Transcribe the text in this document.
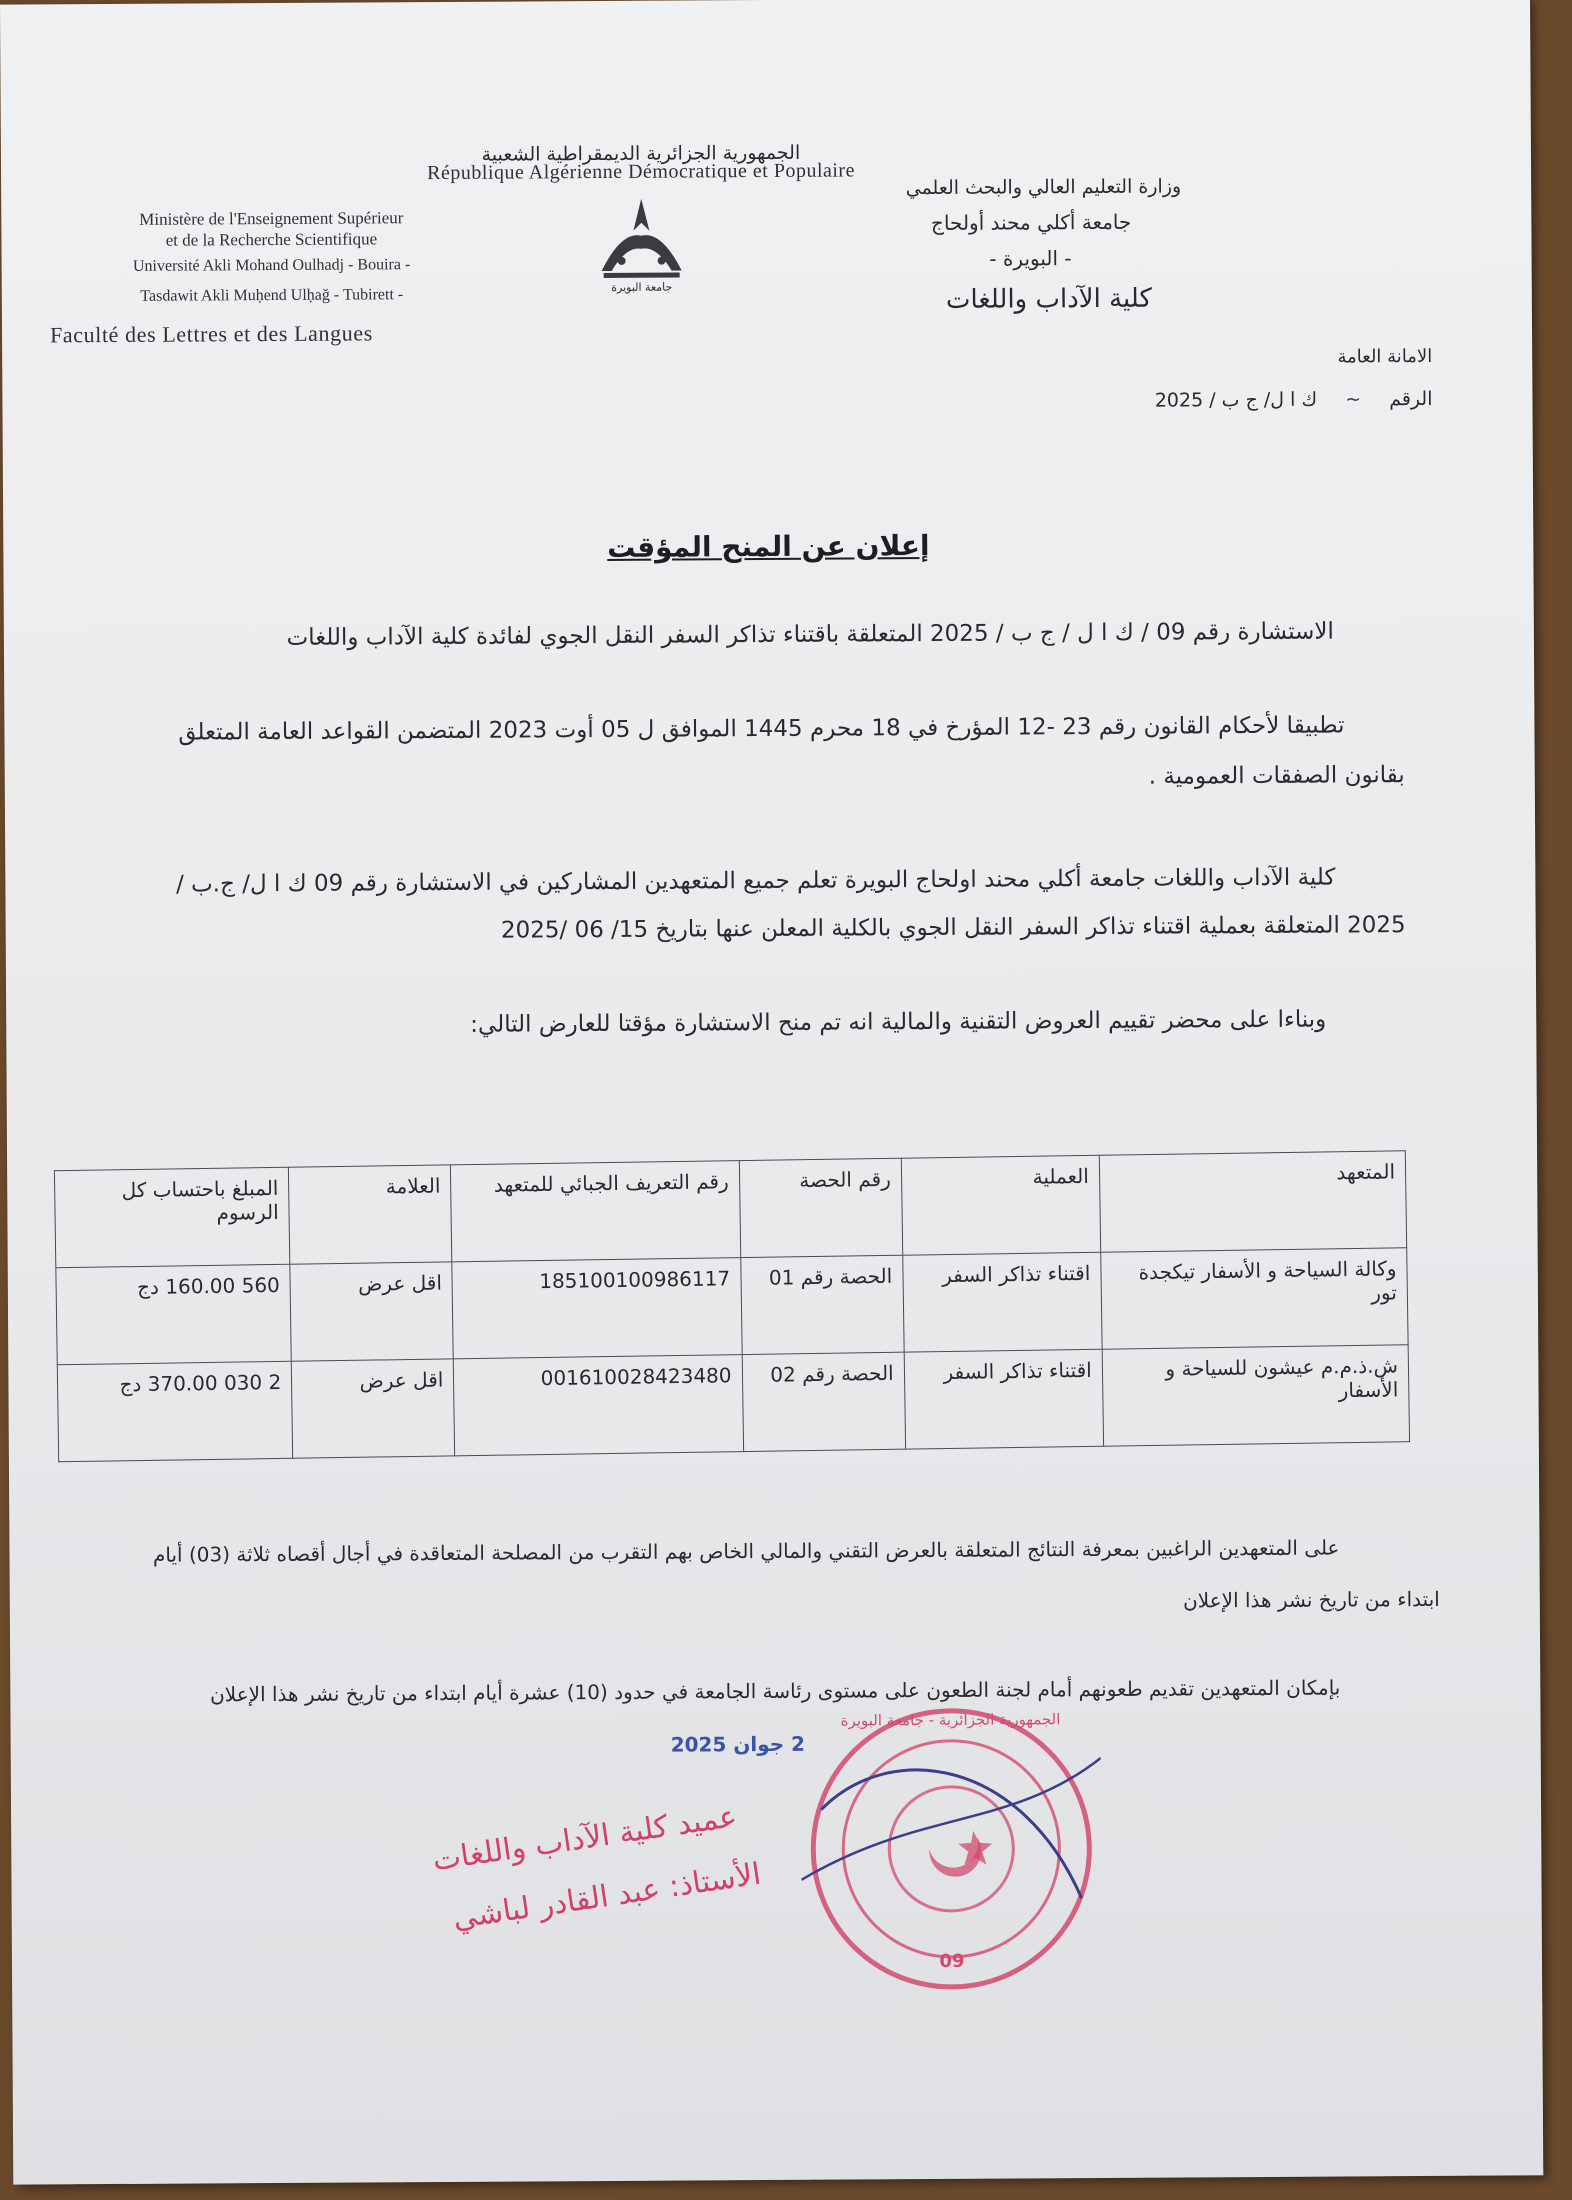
الجمهورية الجزائرية الديمقراطية الشعبية
République Algérienne Démocratique et Populaire
Ministère de l'Enseignement Supérieur
et de la Recherche Scientifique
Université Akli Mohand Oulhadj - Bouira -
Tasdawit Akli Muḥend Ulḥağ - Tubirett -
Faculté des Lettres et des Langues
وزارة التعليم العالي والبحث العلمي
جامعة أكلي محند أولحاج
- البويرة -
كلية الآداب واللغات
جامعة البويرة
الامانة العامة
الرقم ~ ك ا ل/ ج ب / 2025
إعلان عن المنح المؤقت
الاستشارة رقم 09 / ك ا ل / ج ب / 2025 المتعلقة باقتناء تذاكر السفر النقل الجوي لفائدة كلية الآداب واللغات
تطبيقا لأحكام القانون رقم 23 -12 المؤرخ في 18 محرم 1445 الموافق ل 05 أوت 2023 المتضمن القواعد العامة المتعلق
بقانون الصفقات العمومية .
كلية الآداب واللغات جامعة أكلي محند اولحاج البويرة تعلم جميع المتعهدين المشاركين في الاستشارة رقم 09 ك ا ل/ ج.ب /
2025 المتعلقة بعملية اقتناء تذاكر السفر النقل الجوي بالكلية المعلن عنها بتاريخ 15/ 06 /2025
وبناءا على محضر تقييم العروض التقنية والمالية انه تم منح الاستشارة مؤقتا للعارض التالي:
المتعهد	العملية	رقم الحصة	رقم التعريف الجبائي للمتعهد	العلامة	المبلغ باحتساب كل الرسوم
وكالة السياحة و الأسفار تيكجدة تور	اقتناء تذاكر السفر	الحصة رقم 01	185100100986117	اقل عرض	560 160.00 دج
ش.ذ.م.م عيشون للسياحة و الأسفار	اقتناء تذاكر السفر	الحصة رقم 02	001610028423480	اقل عرض	2 030 370.00 دج
على المتعهدين الراغبين بمعرفة النتائج المتعلقة بالعرض التقني والمالي الخاص بهم التقرب من المصلحة المتعاقدة في أجال أقصاه ثلاثة (03) أيام
ابتداء من تاريخ نشر هذا الإعلان
بإمكان المتعهدين تقديم طعونهم أمام لجنة الطعون على مستوى رئاسة الجامعة في حدود (10) عشرة أيام ابتداء من تاريخ نشر هذا الإعلان
2 جوان 2025
عميد كلية الآداب واللغات
الأستاذ: عبد القادر لباشي
الجمهورية الجزائرية - جامعة البويرة
09
